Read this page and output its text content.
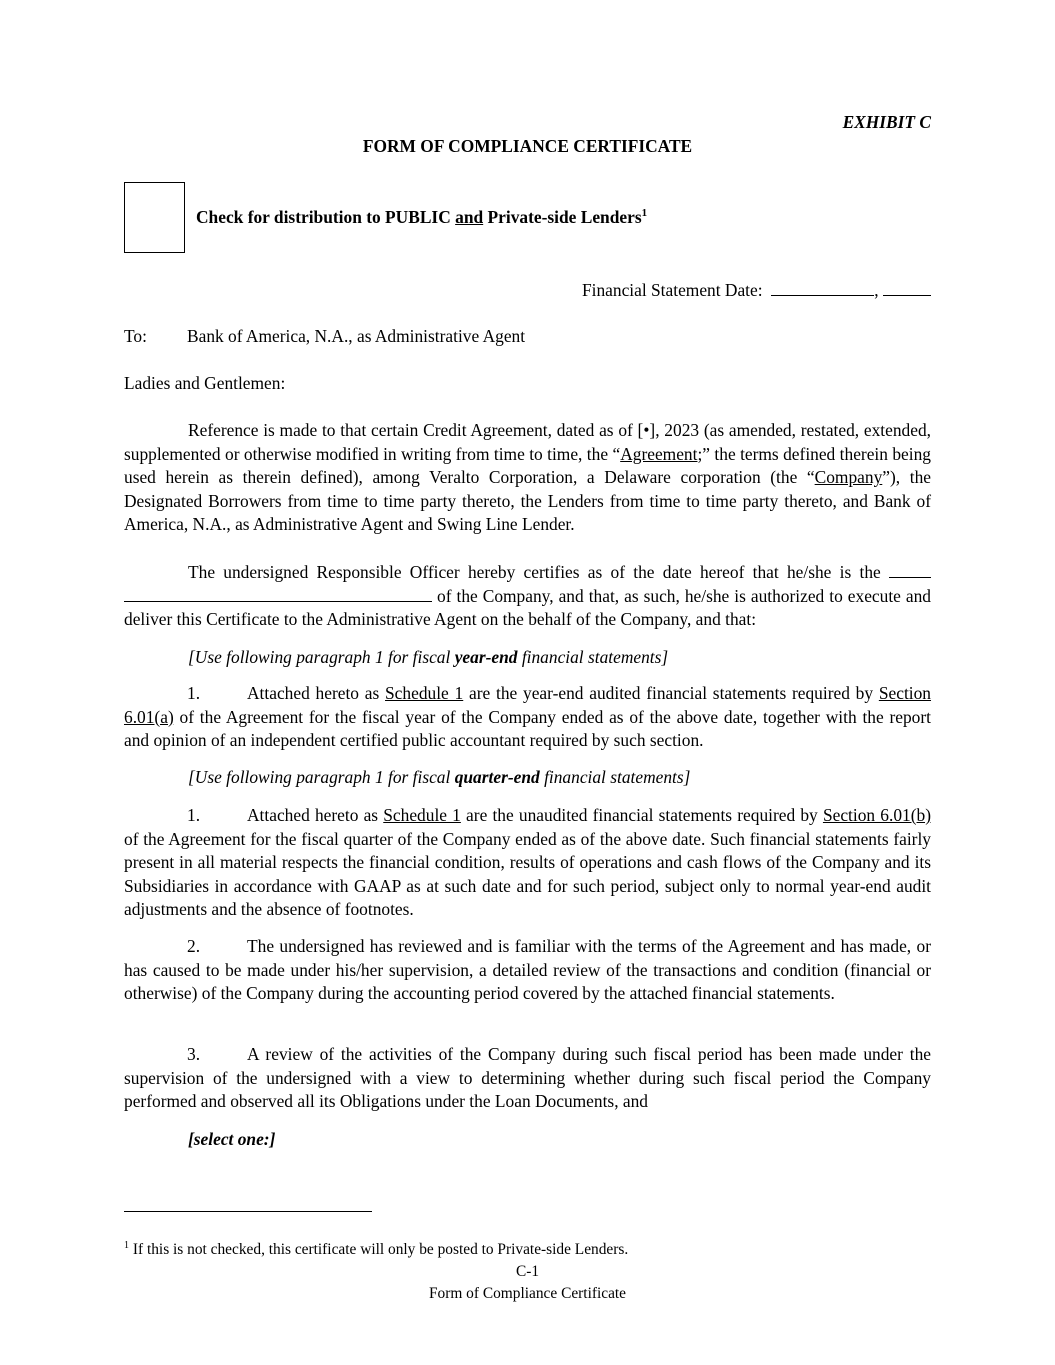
EXHIBIT C
FORM OF COMPLIANCE CERTIFICATE
Check for distribution to PUBLIC and Private-side Lenders$^1$
Financial Statement Date:	,
To: Bank of America, N.A., as Administrative Agent
Ladies and Gentlemen:

Reference is made to that certain Credit Agreement, dated as of [•], 2023 (as amended, restated, extended, supplemented or otherwise modified in writing from time to time, the “Agreement;” the terms defined therein being used herein as therein defined), among Veralto Corporation, a Delaware corporation (the “Company”), the Designated Borrowers from time to time party thereto, the Lenders from time to time party thereto, and Bank of America, N.A., as Administrative Agent and Swing Line Lender.

The undersigned Responsible Officer hereby certifies as of the date hereof that he/she is the   of the Company, and that, as such, he/she is authorized to execute and deliver this Certificate to the Administrative Agent on the behalf of the Company, and that:

[Use following paragraph 1 for fiscal year-end financial statements]

1.	Attached hereto as Schedule 1 are the year-end audited financial statements required by Section 6.01(a) of the Agreement for the fiscal year of the Company ended as of the above date, together with the report and opinion of an independent certified public accountant required by such section.

[Use following paragraph 1 for fiscal quarter-end financial statements]

1.	Attached hereto as Schedule 1 are the unaudited financial statements required by Section 6.01(b) of the Agreement for the fiscal quarter of the Company ended as of the above date. Such financial statements fairly present in all material respects the financial condition, results of operations and cash flows of the Company and its Subsidiaries in accordance with GAAP as at such date and for such period, subject only to normal year-end audit adjustments and the absence of footnotes.

2.	The undersigned has reviewed and is familiar with the terms of the Agreement and has made, or has caused to be made under his/her supervision, a detailed review of the transactions and condition (financial or otherwise) of the Company during the accounting period covered by the attached financial statements.

3.	A review of the activities of the Company during such fiscal period has been made under the supervision of the undersigned with a view to determining whether during such fiscal period the Company performed and observed all its Obligations under the Loan Documents, and

[select one:]
$^1$ If this is not checked, this certificate will only be posted to Private-side Lenders.
C-1
Form of Compliance Certificate
